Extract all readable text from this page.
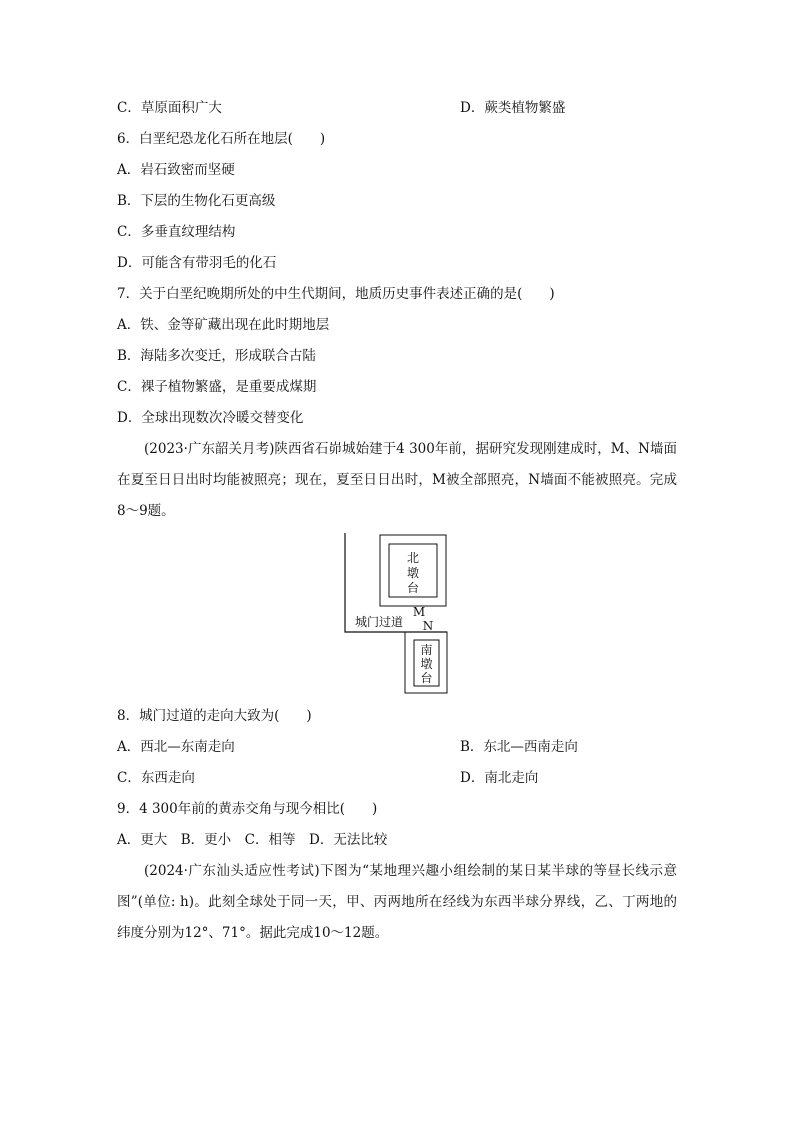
C．草原面积广大	D．蕨类植物繁盛
6．白垩纪恐龙化石所在地层(　　)
A．岩石致密而坚硬
B．下层的生物化石更高级
C．多垂直纹理结构
D．可能含有带羽毛的化石
7．关于白垩纪晚期所处的中生代期间，地质历史事件表述正确的是(　　)
A．铁、金等矿藏出现在此时期地层
B．海陆多次变迁，形成联合古陆
C．裸子植物繁盛，是重要成煤期
D．全球出现数次冷暖交替变化
(2023·广东韶关月考)陕西省石峁城始建于4 300年前，据研究发现刚建成时，M、N墙面在夏至日日出时均能被照亮；现在，夏至日日出时，M被全部照亮，N墙面不能被照亮。完成8～9题。
北
墩
台
M
N
城门过道
南
墩
台
8．城门过道的走向大致为(　　)
A．西北—东南走向	B．东北—西南走向
C．东西走向	D．南北走向
9．4 300年前的黄赤交角与现今相比(　　)
A．更大　B．更小　C．相等　D．无法比较
(2024·广东汕头适应性考试)下图为“某地理兴趣小组绘制的某日某半球的等昼长线示意图”(单位: h)。此刻全球处于同一天，甲、丙两地所在经线为东西半球分界线，乙、丁两地的纬度分别为12°、71°。据此完成10～12题。
